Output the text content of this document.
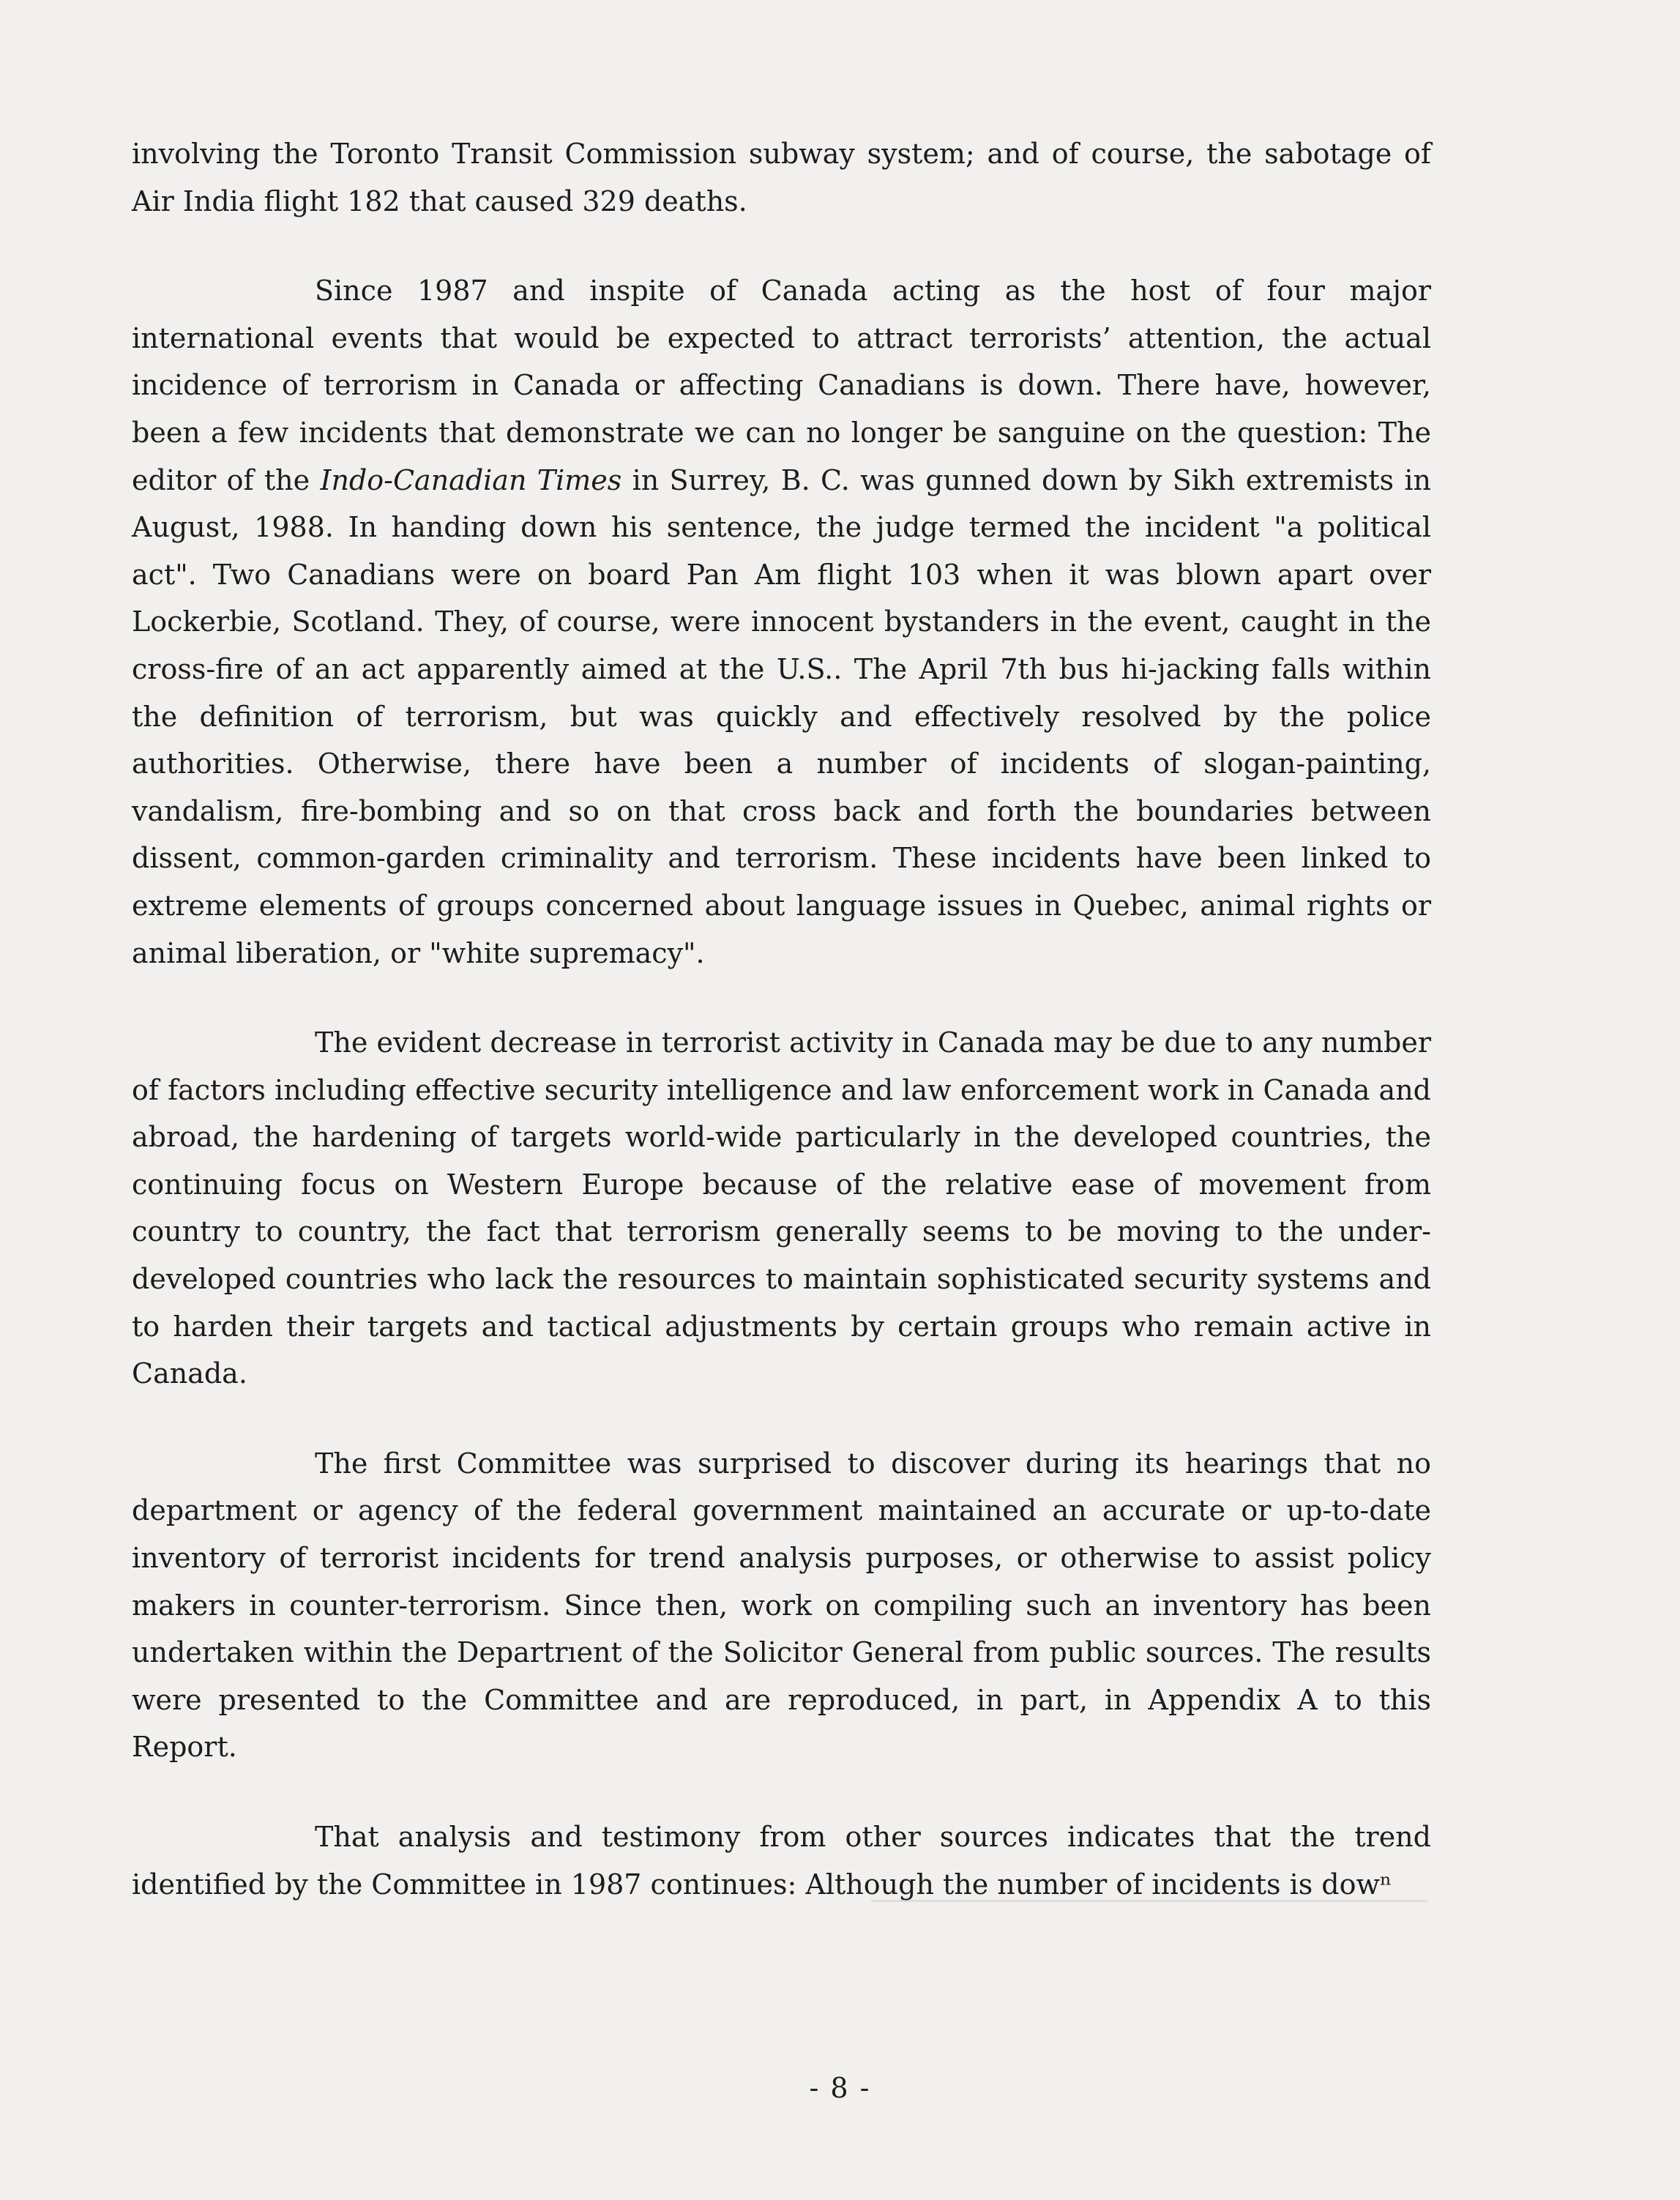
involving the Toronto Transit Commission subway system; and of course, the sabotage of Air India flight 182 that caused 329 deaths.

Since 1987 and inspite of Canada acting as the host of four major international events that would be expected to attract terrorists’ attention, the actual incidence of terrorism in Canada or affecting Canadians is down. There have, however, been a few incidents that demonstrate we can no longer be sanguine on the question: The editor of the Indo-Canadian Times in Surrey, B. C. was gunned down by Sikh extremists in August, 1988. In handing down his sentence, the judge termed the incident "a political act". Two Canadians were on board Pan Am flight 103 when it was blown apart over Lockerbie, Scotland. They, of course, were innocent bystanders in the event, caught in the cross-fire of an act apparently aimed at the U.S.. The April 7th bus hi-jacking falls within the definition of terrorism, but was quickly and effectively resolved by the police authorities. Otherwise, there have been a number of incidents of slogan-painting, vandalism, fire-bombing and so on that cross back and forth the boundaries between dissent, common-garden criminality and terrorism. These incidents have been linked to extreme elements of groups concerned about language issues in Quebec, animal rights or animal liberation, or "white supremacy".

The evident decrease in terrorist activity in Canada may be due to any number of factors including effective security intelligence and law enforcement work in Canada and abroad, the hardening of targets world-wide particularly in the developed countries, the continuing focus on Western Europe because of the relative ease of movement from country to country, the fact that terrorism generally seems to be moving to the under-developed countries who lack the resources to maintain sophisticated security systems and to harden their targets and tactical adjustments by certain groups who remain active in Canada.

The first Committee was surprised to discover during its hearings that no department or agency of the federal government maintained an accurate or up-to-date inventory of terrorist incidents for trend analysis purposes, or otherwise to assist policy makers in counter-terrorism. Since then, work on compiling such an inventory has been undertaken within the Departrıent of the Solicitor General from public sources. The results were presented to the Committee and are reproduced, in part, in Appendix A to this Report.

That analysis and testimony from other sources indicates that the trend identified by the Committee in 1987 continues: Although the number of incidents is dowⁿ

- 8 -
